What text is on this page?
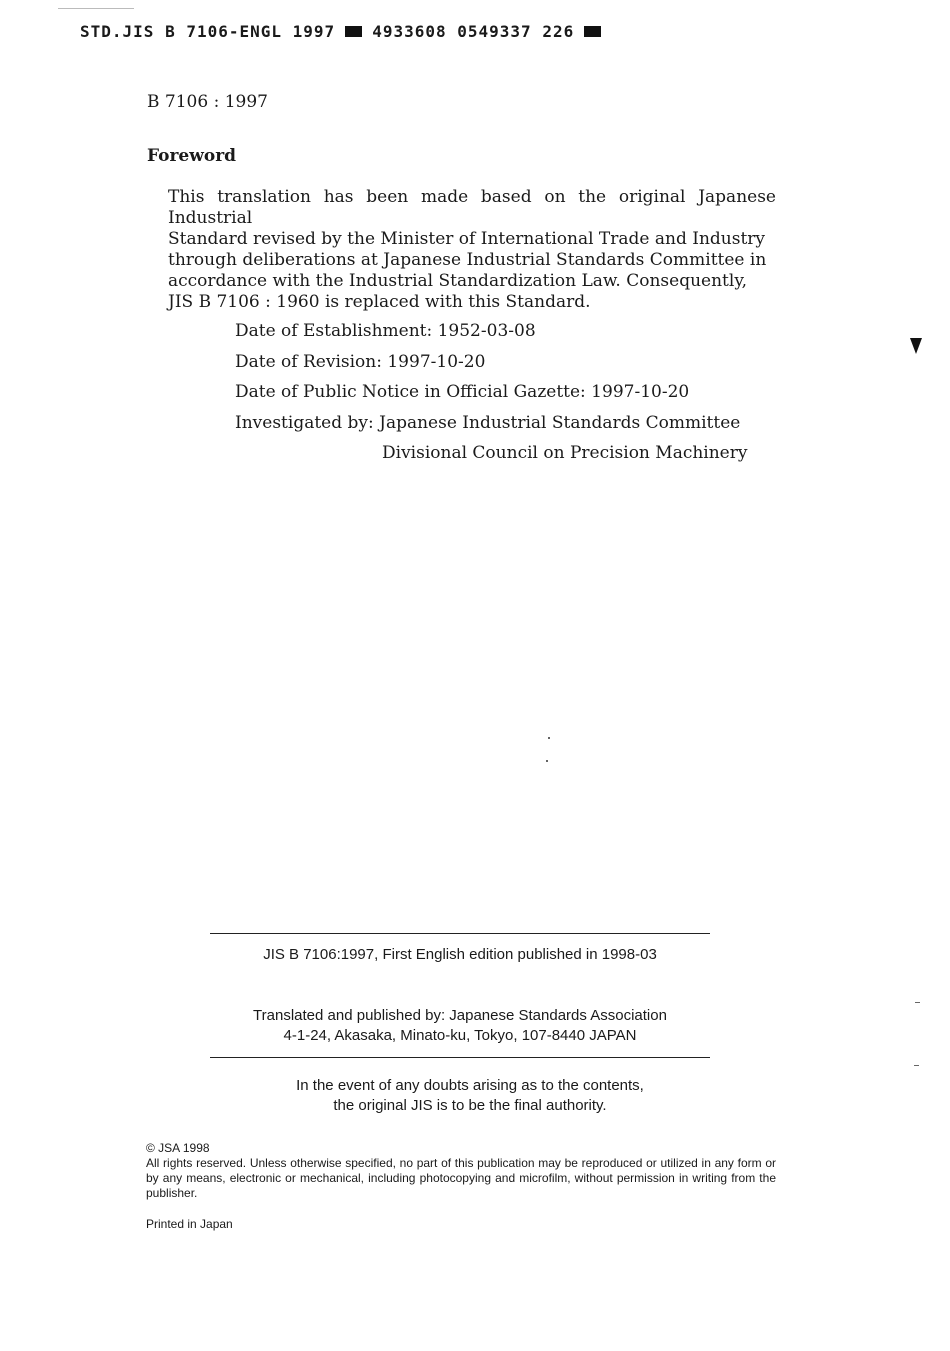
STD.JIS B 7106-ENGL 1997 4933608 0549337 226
B 7106 : 1997
Foreword

This translation has been made based on the original Japanese Industrial

Standard revised by the Minister of International Trade and Industry

through deliberations at Japanese Industrial Standards Committee in

accordance with the Industrial Standardization Law. Consequently,

JIS B 7106 : 1960 is replaced with this Standard.

Date of Establishment: 1952-03-08
Date of Revision: 1997-10-20
Date of Public Notice in Official Gazette: 1997-10-20
Investigated by: Japanese Industrial Standards Committee
Divisional Council on Precision Machinery
JIS B 7106:1997, First English edition published in 1998-03
Translated and published by: Japanese Standards Association
4-1-24, Akasaka, Minato-ku, Tokyo, 107-8440 JAPAN
In the event of any doubts arising as to the contents,
the original JIS is to be the final authority.
© JSA 1998
All rights reserved. Unless otherwise specified, no part of this publication may be reproduced or utilized in any form or by any means, electronic or mechanical, including photocopying and microfilm, without permission in writing from the publisher.
Printed in Japan
